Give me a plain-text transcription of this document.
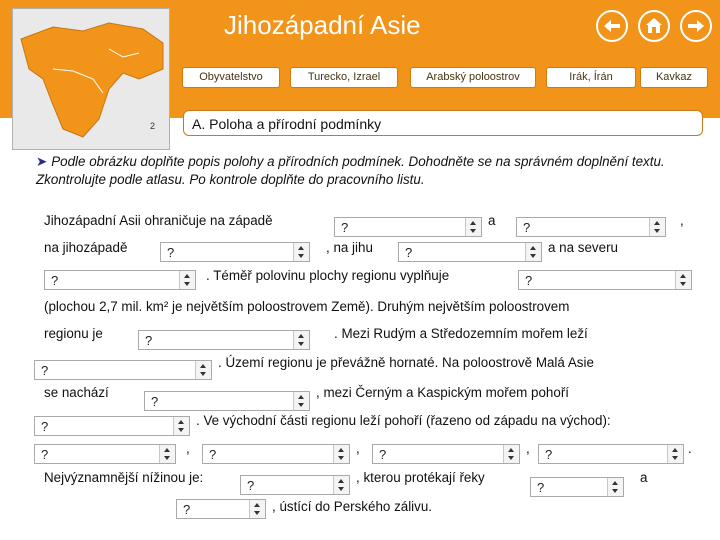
Jihozápadní Asie
Obyvatelstvo	Turecko, Izrael	Arabský poloostrov	Irák, Írán	Kavkaz
2	A. Poloha a přírodní podmínky
➤ Podle obrázku doplňte popis polohy a přírodních podmínek. Dohodněte se na správném doplnění textu. Zkontrolujte podle atlasu. Po kontrole doplňte do pracovního listu.
Jihozápadní Asii ohraničuje na západě	?	a ?	,
na jihozápadě	?	, na jihu ?	a na severu
?	. Téměř polovinu plochy regionu vyplňuje	?
(plochou 2,7 mil. km² je největším poloostrovem Země). Druhým největším poloostrovem
regionu je	?	. Mezi Rudým a Středozemním mořem leží
?
. Území regionu je převážně hornaté. Na poloostrově Malá Asie
se nachází
?
, mezi Černým a Kaspickým mořem pohoří
?	. Ve východní části regionu leží pohoří (řazeno od západu na východ):
?	, ?	, ?	, ?	.
Nejvýznamnější nížinou je:
?
, kterou protékají řeky
?
a
?	, ústící do Perského zálivu.
